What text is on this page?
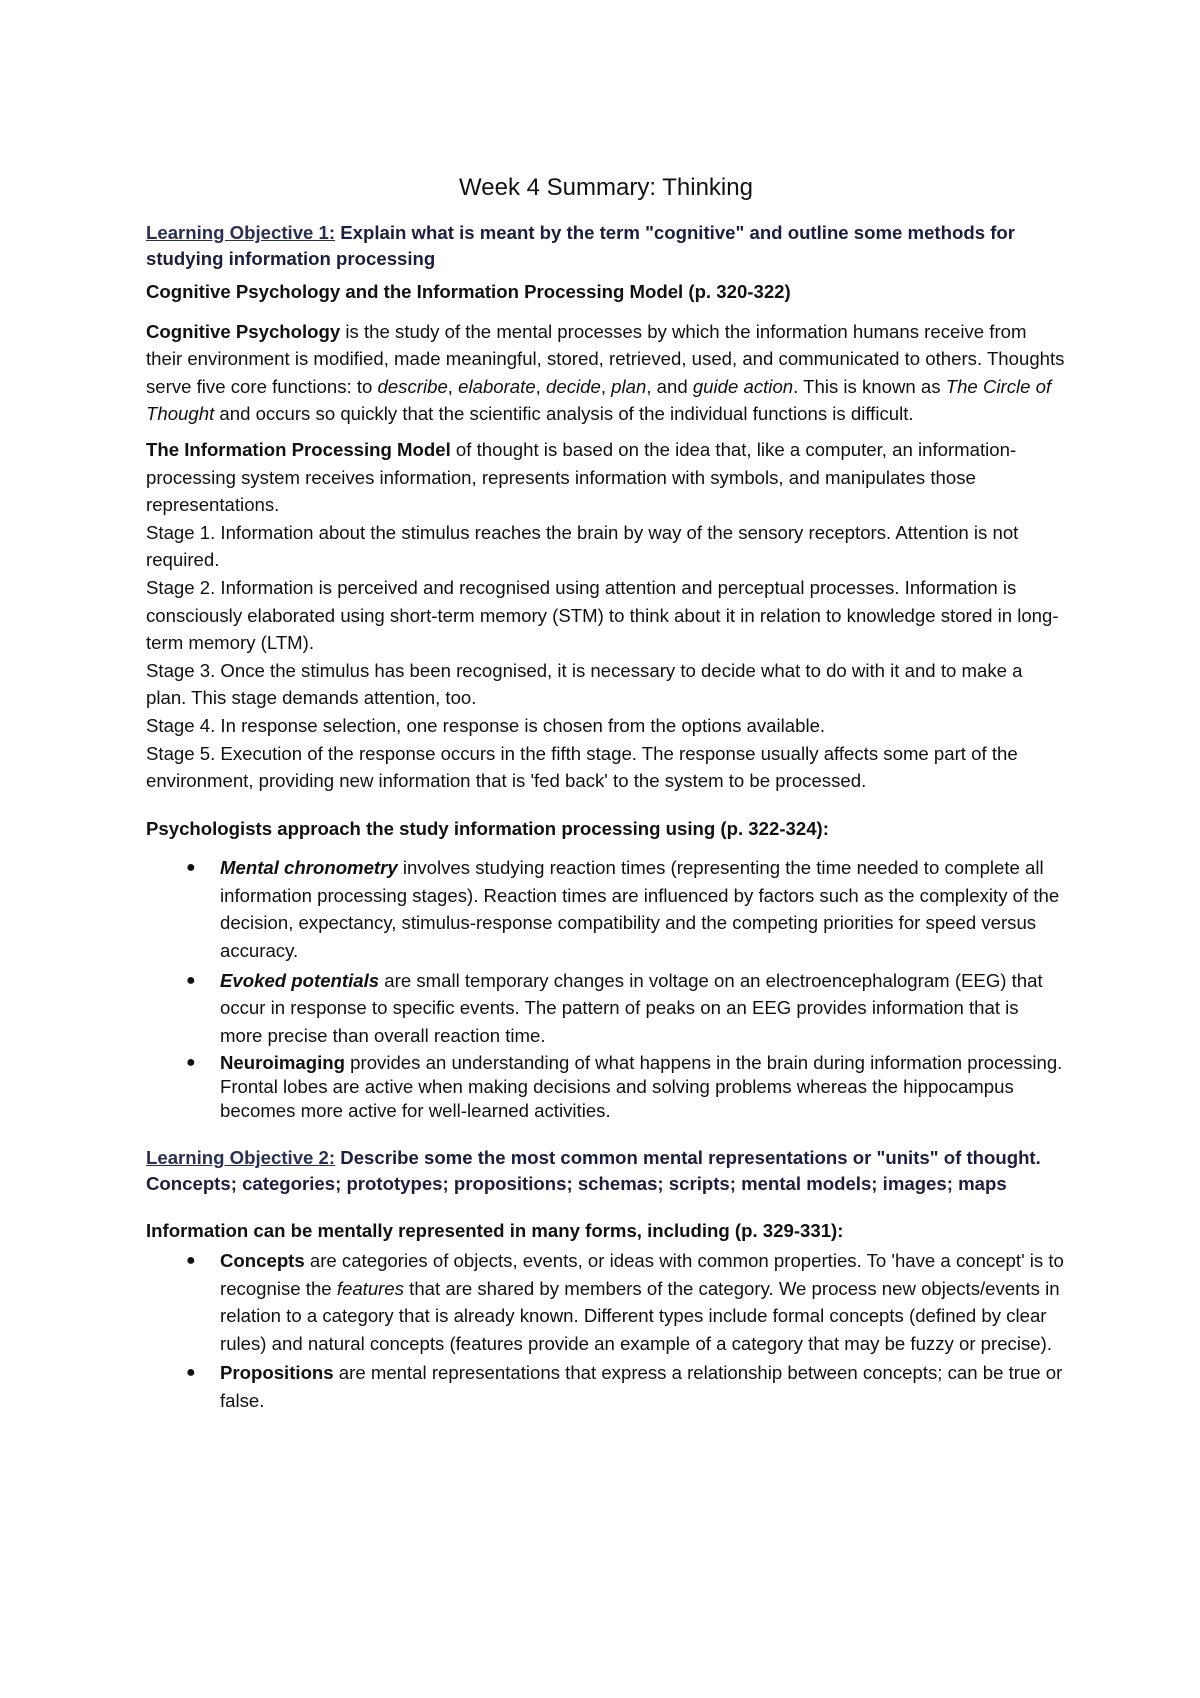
Week 4 Summary: Thinking

Learning Objective 1: Explain what is meant by the term "cognitive" and outline some methods for studying information processing

Cognitive Psychology and the Information Processing Model (p. 320-322)

Cognitive Psychology is the study of the mental processes by which the information humans receive from their environment is modified, made meaningful, stored, retrieved, used, and communicated to others. Thoughts serve five core functions: to describe, elaborate, decide, plan, and guide action. This is known as The Circle of Thought and occurs so quickly that the scientific analysis of the individual functions is difficult.

The Information Processing Model of thought is based on the idea that, like a computer, an information-processing system receives information, represents information with symbols, and manipulates those representations.

Stage 1. Information about the stimulus reaches the brain by way of the sensory receptors. Attention is not required.

Stage 2. Information is perceived and recognised using attention and perceptual processes. Information is consciously elaborated using short-term memory (STM) to think about it in relation to knowledge stored in long-term memory (LTM).

Stage 3. Once the stimulus has been recognised, it is necessary to decide what to do with it and to make a plan. This stage demands attention, too.

Stage 4. In response selection, one response is chosen from the options available.

Stage 5. Execution of the response occurs in the fifth stage. The response usually affects some part of the environment, providing new information that is 'fed back' to the system to be processed.

Psychologists approach the study information processing using (p. 322-324):

● Mental chronometry involves studying reaction times (representing the time needed to complete all information processing stages). Reaction times are influenced by factors such as the complexity of the decision, expectancy, stimulus-response compatibility and the competing priorities for speed versus accuracy.
● Evoked potentials are small temporary changes in voltage on an electroencephalogram (EEG) that occur in response to specific events. The pattern of peaks on an EEG provides information that is more precise than overall reaction time.
● Neuroimaging provides an understanding of what happens in the brain during information processing. Frontal lobes are active when making decisions and solving problems whereas the hippocampus becomes more active for well-learned activities.

Learning Objective 2: Describe some the most common mental representations or "units" of thought. Concepts; categories; prototypes; propositions; schemas; scripts; mental models; images; maps

Information can be mentally represented in many forms, including (p. 329-331):

● Concepts are categories of objects, events, or ideas with common properties. To 'have a concept' is to recognise the features that are shared by members of the category. We process new objects/events in relation to a category that is already known. Different types include formal concepts (defined by clear rules) and natural concepts (features provide an example of a category that may be fuzzy or precise).
● Propositions are mental representations that express a relationship between concepts; can be true or false.
